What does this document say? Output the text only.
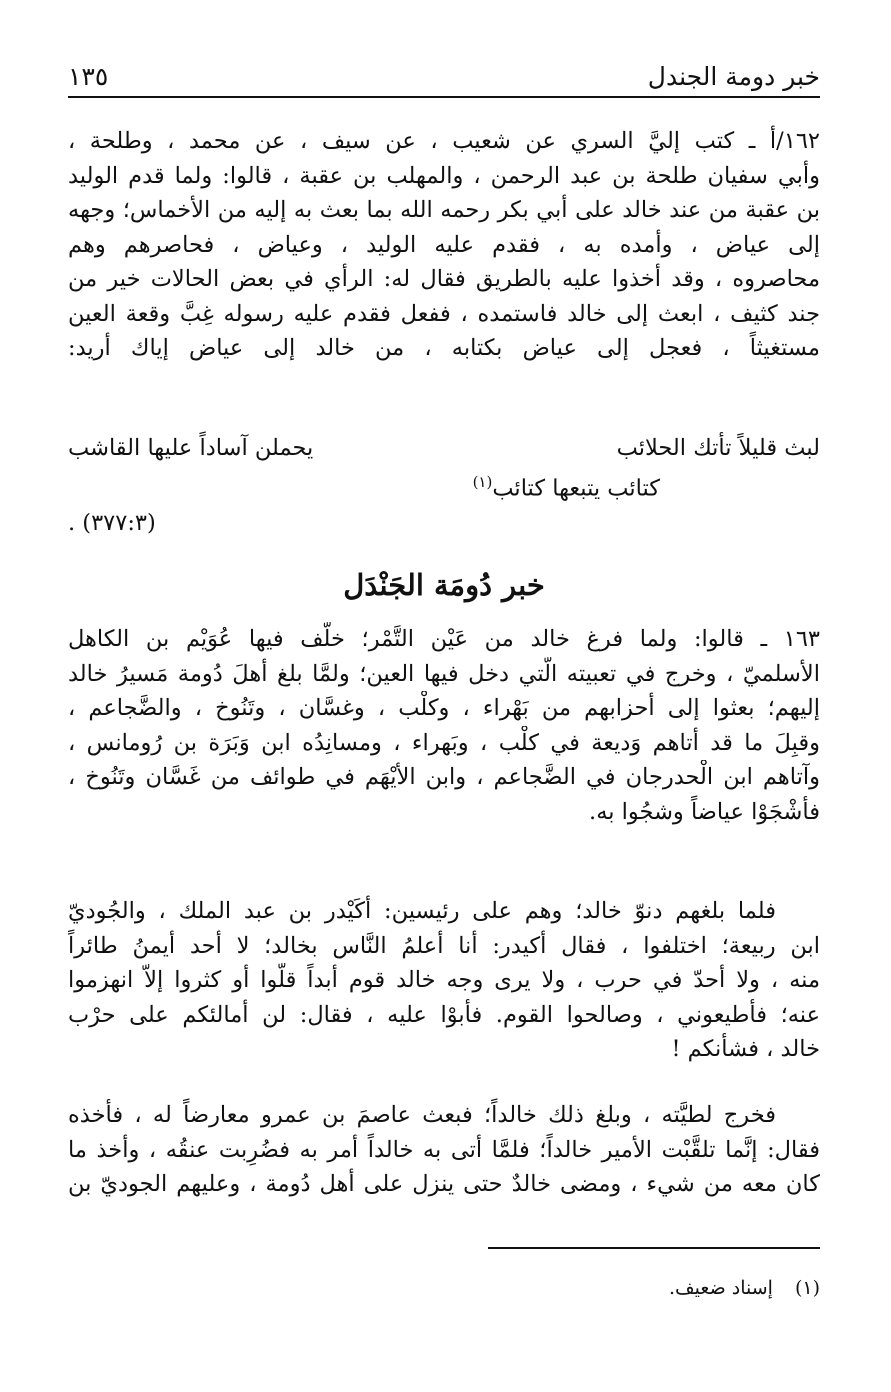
خبر دومة الجندل
١٣٥
١٦٢/أ ـ كتب إليَّ السري عن شعيب ، عن سيف ، عن محمد ، وطلحة ،
وأبي سفيان طلحة بن عبد الرحمن ، والمهلب بن عقبة ، قالوا: ولما قدم الوليد
بن عقبة من عند خالد على أبي بكر رحمه الله بما بعث به إليه من الأخماس؛ وجهه
إلى عياض ، وأمده به ، فقدم عليه الوليد ، وعياض ، فحاصرهم وهم
محاصروه ، وقد أخذوا عليه بالطريق فقال له: الرأي في بعض الحالات خير من
جند كثيف ، ابعث إلى خالد فاستمده ، ففعل فقدم عليه رسوله غِبَّ وقعة العين
مستغيثاً ، فعجل إلى عياض بكتابه ، من خالد إلى عياض إياك أريد:
لبث قليلاً تأتك الحلائب
يحملن آساداً عليها القاشب
كتائب يتبعها كتائب$^{(١)}$
(٣٧٧:٣) .
خبر دُومَة الجَنْدَل
١٦٣ ـ قالوا: ولما فرغ خالد من عَيْن التَّمْر؛ خلَّف فيها عُوَيْم بن الكاهل
الأسلميّ ، وخرج في تعبيته الَّتي دخل فيها العين؛ ولمَّا بلغ أهلَ دُومة مَسيرُ خالد
إليهم؛ بعثوا إلى أحزابهم من بَهْراء ، وكلْب ، وغسَّان ، وتَنُوخ ، والضَّجاعم ،
وقبِلَ ما قد أتاهم وَديعة في كلْب ، وبَهراء ، ومسانِدُه ابن وَبَرَة بن رُومانس ،
وآتاهم ابن الْحدرجان في الضَّجاعم ، وابن الأيْهَم في طوائف من غَسَّان وتَنُوخ ،
فأشْجَوْا عياضاً وشجُوا به.
فلما بلغهم دنوّ خالد؛ وهم على رئيسين: أكَيْدر بن عبد الملك ، والجُوديّ
ابن ربيعة؛ اختلفوا ، فقال أكيدر: أنا أعلمُ النَّاس بخالد؛ لا أحد أيمنُ طائراً
منه ، ولا أحدّ في حرب ، ولا يرى وجه خالد قوم أبداً قلُّوا أو كثروا إلاّ انهزموا
عنه؛ فأطيعوني ، وصالحوا القوم. فأبوْا عليه ، فقال: لن أمالئكم على حرْب
خالد ، فشأنكم !
فخرج لطيَّته ، وبلغ ذلك خالداً؛ فبعث عاصمَ بن عمرو معارضاً له ، فأخذه
فقال: إنَّما تلقَّبْت الأمير خالداً؛ فلمَّا أتى به خالداً أمر به فضُرِبت عنقُه ، وأخذ ما
كان معه من شيء ، ومضى خالدٌ حتى ينزل على أهل دُومة ، وعليهم الجوديّ بن
(١)إسناد ضعيف.
